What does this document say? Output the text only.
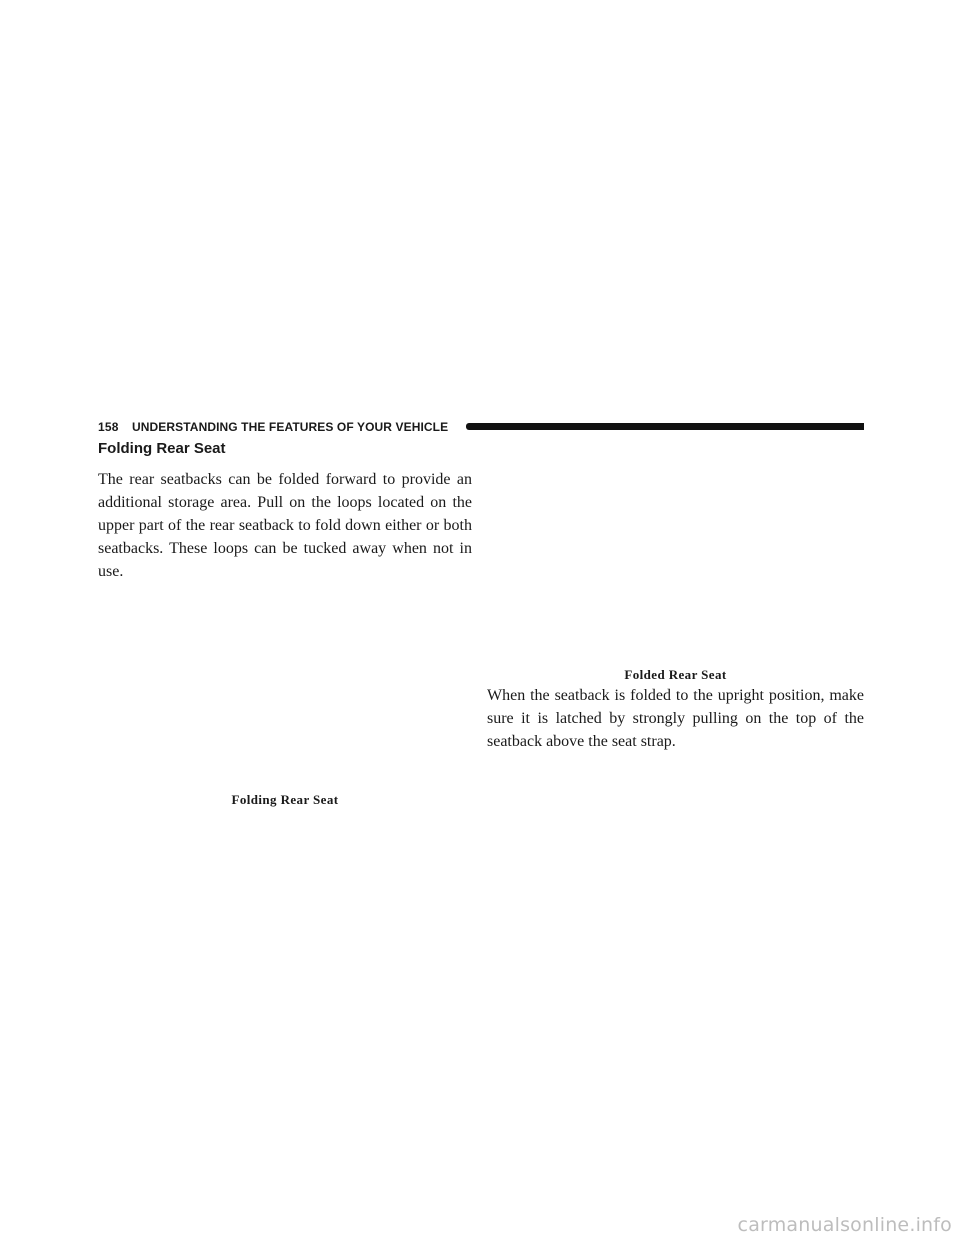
158 UNDERSTANDING THE FEATURES OF YOUR VEHICLE
Folding Rear Seat

The rear seatbacks can be folded forward to provide an additional storage area. Pull on the loops located on the upper part of the rear seatback to fold down either or both seatbacks. These loops can be tucked away when not in use.

Folding Rear Seat
Folded Rear Seat

When the seatback is folded to the upright position, make sure it is latched by strongly pulling on the top of the seatback above the seat strap.

carmanualsonline.info
